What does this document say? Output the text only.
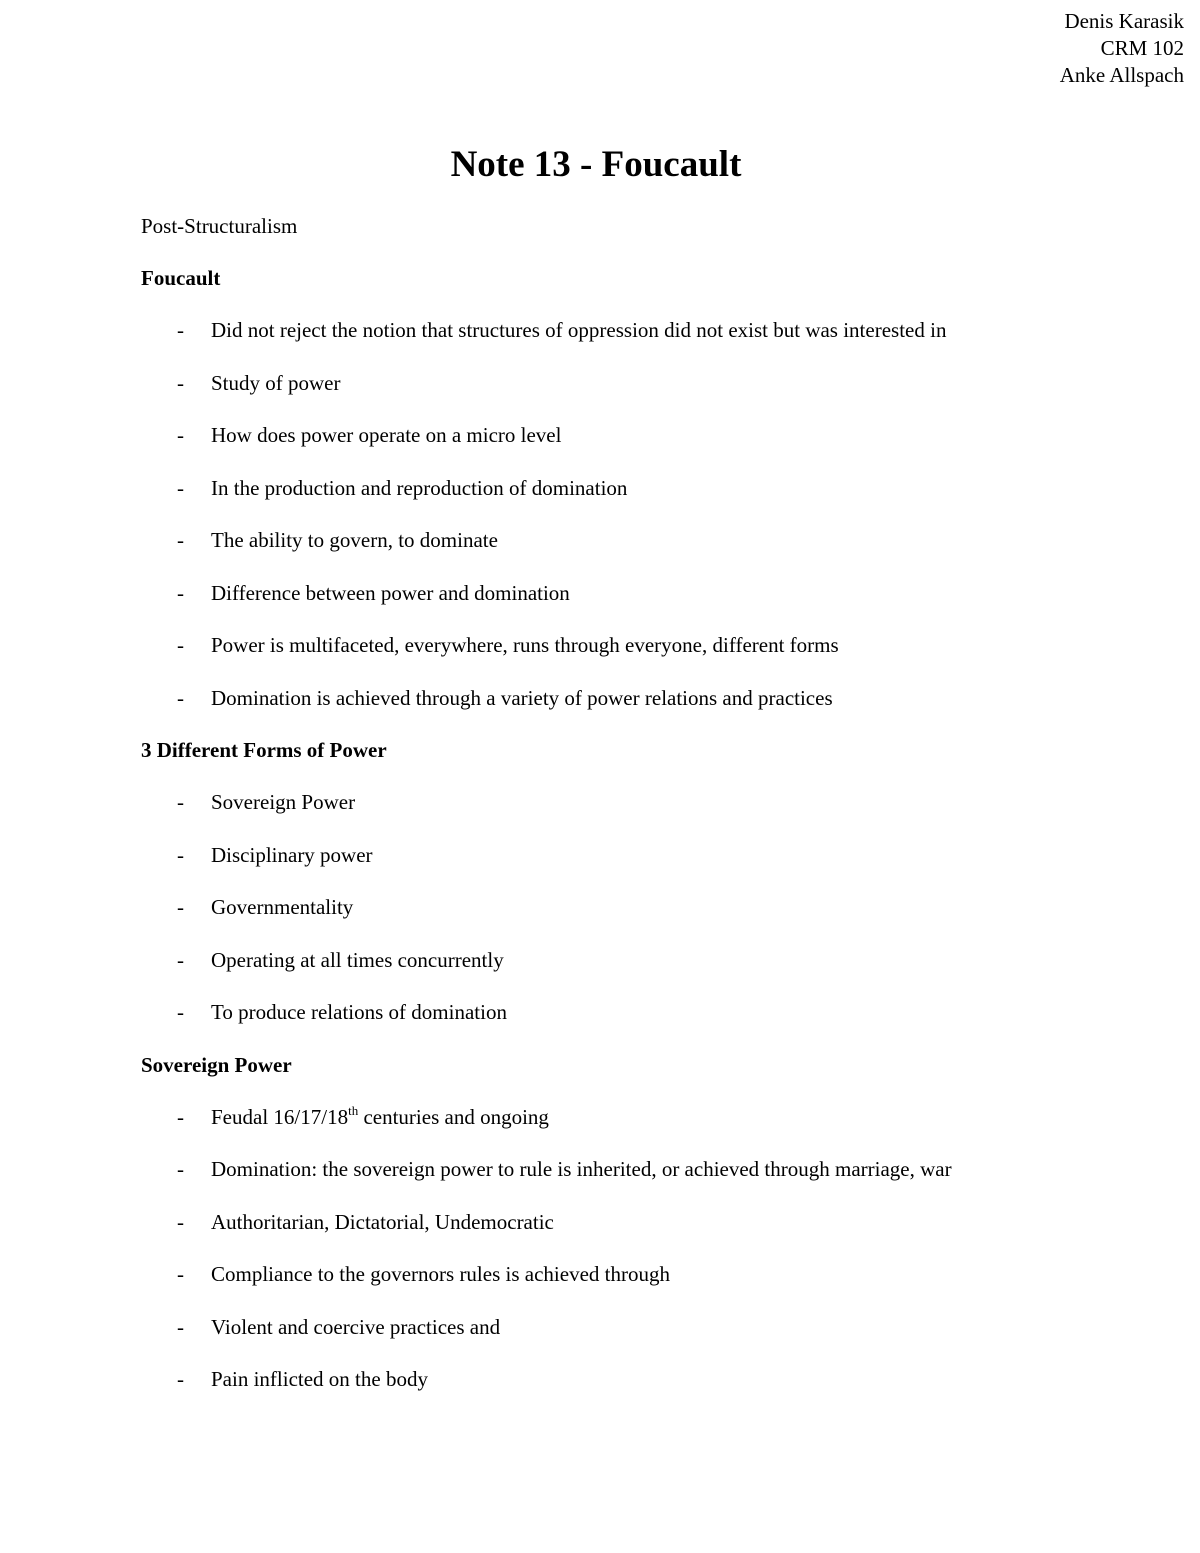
Denis Karasik
CRM 102
Anke Allspach
Note 13 - Foucault

Post-Structuralism

Foucault

- Did not reject the notion that structures of oppression did not exist but was interested in
- Study of power
- How does power operate on a micro level
- In the production and reproduction of domination
- The ability to govern, to dominate
- Difference between power and domination
- Power is multifaceted, everywhere, runs through everyone, different forms
- Domination is achieved through a variety of power relations and practices

3 Different Forms of Power

- Sovereign Power
- Disciplinary power
- Governmentality
- Operating at all times concurrently
- To produce relations of domination

Sovereign Power

- Feudal 16/17/18th centuries and ongoing
- Domination: the sovereign power to rule is inherited, or achieved through marriage, war
- Authoritarian, Dictatorial, Undemocratic
- Compliance to the governors rules is achieved through
- Violent and coercive practices and
- Pain inflicted on the body
